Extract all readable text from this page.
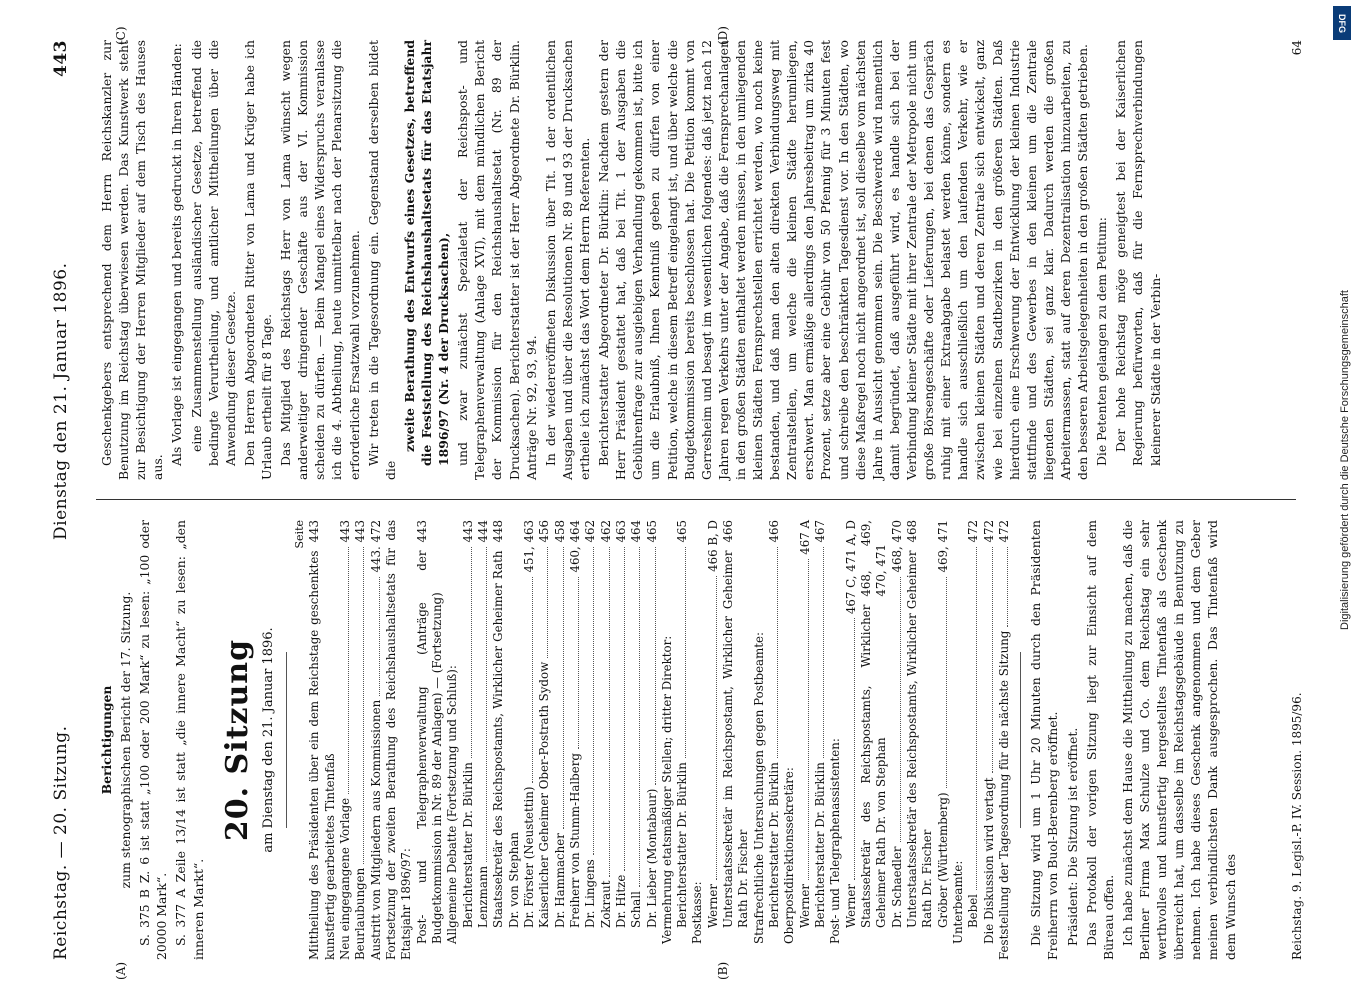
Reichstag. — 20. Sitzung.
Dienstag den 21. Januar 1896.
443
(A)	(B)
(C)	(D)

Berichtigungen zum stenographischen Bericht der 17. Sitzung. S. 375 B Z. 6 ist statt „100 oder 200 Mark“ zu lesen: „100 oder 20000 Mark“. S. 377 A Zeile 13/14 ist statt „die innere Macht“ zu lesen: „den inneren Markt“.

20. Sitzung am Dienstag den 21. Januar 1896.
Seite
Mittheilung des Präsidenten über ein dem Reichstage geschenktes kunstfertig gearbeitetes Tintenfaß
443
Neu eingegangene Vorlage
443
Beurlaubungen
443
Austritt von Mitgliedern aus Kommissionen
443. 472 Fortsetzung der zweiten Berathung des Reichshaushaltsetats für das Etatsjahr 1896/97: Post- und Telegraphenverwaltung (Anträge der Budgetkommission in Nr. 89 der Anlagen) — (Fortsetzung)
443
Allgemeine Debatte (Fortsetzung und Schluß): Berichterstatter Dr. Bürklin
443
Lenzmann
444
Staatssekretär des Reichspostamts, Wirklicher Geheimer Rath Dr. von Stephan
448
Dr. Förster (Neustettin)
451, 463
Kaiserlicher Geheimer Ober-Postrath Sydow
456
Dr. Hammacher
458
Freiherr von Stumm-Halberg
460, 464
Dr. Lingens
462
Zokraut
462
Dr. Hitze
463
Schall
464
Dr. Lieber (Montabaur)
465
Vermehrung etatsmäßiger Stellen; dritter Direktor: Berichterstatter Dr. Bürklin
465
Postkasse: Werner
466 B, D
Unterstaatssekretär im Reichspostamt, Wirklicher Geheimer Rath Dr. Fischer
466
Strafrechtliche Untersuchungen gegen Postbeamte: Berichterstatter Dr. Bürklin
466
Oberpostdirektionssekretäre: Werner
467 A
Berichterstatter Dr. Bürklin
467
Post- und Telegraphenassistenten: Werner
467 C, 471 A, D
Staatssekretär des Reichspostamts, Wirklicher Geheimer Rath Dr. von Stephan
468, 469, 470, 471
Dr. Schaedler
468, 470
Unterstaatssekretär des Reichspostamts, Wirklicher Geheimer Rath Dr. Fischer
468
Gröber (Württemberg)
469, 471
Unterbeamte: Bebel
472
Die Diskussion wird vertagt
472
Feststellung der Tagesordnung für die nächste Sitzung
472 Die Sitzung wird um 1 Uhr 20 Minuten durch den Präsidenten Freiherrn von Buol-Berenberg eröffnet. Präsident: Die Sitzung ist eröffnet. Das Protokoll der vorigen Sitzung liegt zur Einsicht auf dem Büreau offen. Ich habe zunächst dem Hause die Mittheilung zu machen, daß die Berliner Firma Max Schulze und Co. dem Reichstag ein sehr werthvolles und kunstfertig hergestelltes Tintenfaß als Geschenk überreicht hat, um dasselbe im Reichstagsgebäude in Benutzung zu nehmen. Ich habe dieses Geschenk angenommen und dem Geber meinen verbindlichsten Dank ausgesprochen. Das Tintenfaß wird dem Wunsch des

Geschenkgebers entsprechend dem Herrn Reichskanzler zur Benutzung im Reichstag überwiesen werden. Das Kunstwerk steht zur Besichtigung der Herren Mitglieder auf dem Tisch des Hauses aus.

Als Vorlage ist eingegangen und bereits gedruckt in Ihren Händen: eine Zusammenstellung ausländischer Gesetze, betreffend die bedingte Verurtheilung, und amtlicher Mittheilungen über die Anwendung dieser Gesetze. Den Herren Abgeordneten Ritter von Lama und Krüger habe ich Urlaub ertheilt für 8 Tage. Das Mitglied des Reichstags Herr von Lama wünscht wegen anderweitiger dringender Geschäfte aus der VI. Kommission scheiden zu dürfen. — Beim Mangel eines Widerspruchs veranlasse ich die 4. Abtheilung, heute unmittelbar nach der Plenarsitzung die erforderliche Ersatzwahl vorzunehmen. Wir treten in die Tagesordnung ein. Gegenstand derselben bildet die

zweite Berathung des Entwurfs eines Gesetzes, betreffend die Feststellung des Reichshaushaltsetats für das Etatsjahr 1896/97 (Nr. 4 der Drucksachen), und zwar zunächst Spezialetat der Reichspost- und Telegraphenverwaltung (Anlage XVI), mit dem mündlichen Bericht der Kommission für den Reichshaushaltsetat (Nr. 89 der Drucksachen). Berichterstatter ist der Herr Abgeordnete Dr. Bürklin. Anträge Nr. 92, 93, 94. In der wiedereröffneten Diskussion über Tit. 1 der ordentlichen Ausgaben und über die Resolutionen Nr. 89 und 93 der Drucksachen ertheile ich zunächst das Wort dem Herrn Referenten. Berichterstatter Abgeordneter Dr. Bürklin: Nachdem gestern der Herr Präsident gestattet hat, daß bei Tit. 1 der Ausgaben die Gebührenfrage zur ausgiebigen Verhandlung gekommen ist, bitte ich um die Erlaubniß, Ihnen Kenntniß geben zu dürfen von einer Petition, welche in diesem Betreff eingelangt ist, und über welche die Budgetkommission bereits beschlossen hat. Die Petition kommt von Gerresheim und besagt im wesentlichen folgendes: daß jetzt nach 12 Jahren regen Verkehrs unter der Angabe, daß die Fernsprechanlagen in den großen Städten enthaltet werden müssen, in den umliegenden kleinen Städten Fernsprechstellen errichtet werden, wo noch keine bestanden, und daß man den alten direkten Verbindungsweg mit Zentralstellen, um welche die kleinen Städte herumliegen, erschwert. Man ermäßige allerdings den Jahresbeitrag um zirka 40 Prozent, setze aber eine Gebühr von 50 Pfennig für 3 Minuten fest und schreibe den beschränkten Tagesdienst vor. In den Städten, wo diese Maßregel noch nicht angeordnet ist, soll dieselbe vom nächsten Jahre in Aussicht genommen sein. Die Beschwerde wird namentlich damit begründet, daß ausgeführt wird, es handle sich bei der Verbindung kleiner Städte mit ihrer Zentrale der Metropole nicht um große Börsengeschäfte oder Lieferungen, bei denen das Gespräch ruhig mit einer Extraabgabe belastet werden könne, sondern es handle sich ausschließlich um den laufenden Verkehr, wie er zwischen kleinen Städten und deren Zentrale sich entwickelt, ganz wie bei einzelnen Stadtbezirken in den größeren Städten. Daß hierdurch eine Erschwerung der Entwicklung der kleinen Industrie stattfinde und des Gewerbes in den kleinen um die Zentrale liegenden Städten, sei ganz klar. Dadurch werden die großen Arbeitermassen, statt auf deren Dezentralisation hinzuarbeiten, zu den besseren Arbeitsgelegenheiten in den großen Städten getrieben. Die Petenten gelangen zu dem Petitum: Der hohe Reichstag möge geneigtest bei der Kaiserlichen Regierung befürworten, daß für die Fernsprechverbindungen kleinerer Städte in der Verbin-

Reichstag. 9. Legisl.-P. IV. Session. 1895/96.
64
DFG
Digitalisierung gefördert durch die Deutsche Forschungsgemeinschaft
